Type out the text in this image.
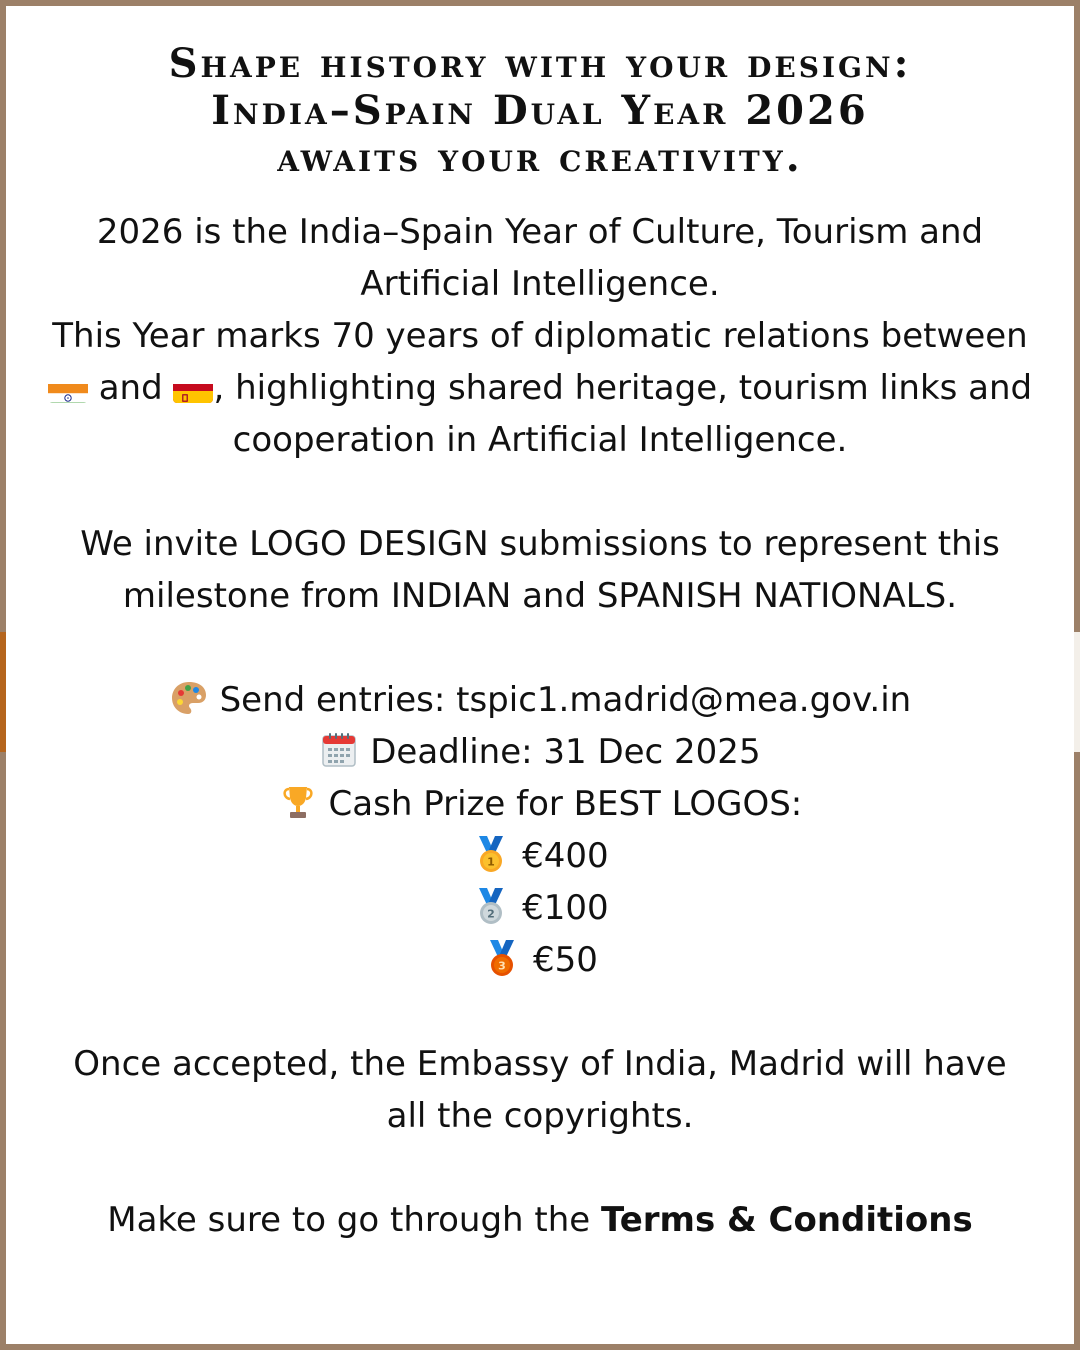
Shape history with your design:
India–Spain Dual Year 2026
awaits your creativity.
2026 is the India–Spain Year of Culture, Tourism and
Artificial Intelligence.
This Year marks 70 years of diplomatic relations between
and , highlighting shared heritage, tourism links and
cooperation in Artificial Intelligence.
We invite LOGO DESIGN submissions to represent this
milestone from INDIAN and SPANISH NATIONALS.
Send entries: tspic1.madrid@mea.gov.in
Deadline: 31 Dec 2025
Cash Prize for BEST LOGOS:
1 €400
2 €100
3 €50
Once accepted, the Embassy of India, Madrid will have
all the copyrights.
Make sure to go through the Terms & Conditions
